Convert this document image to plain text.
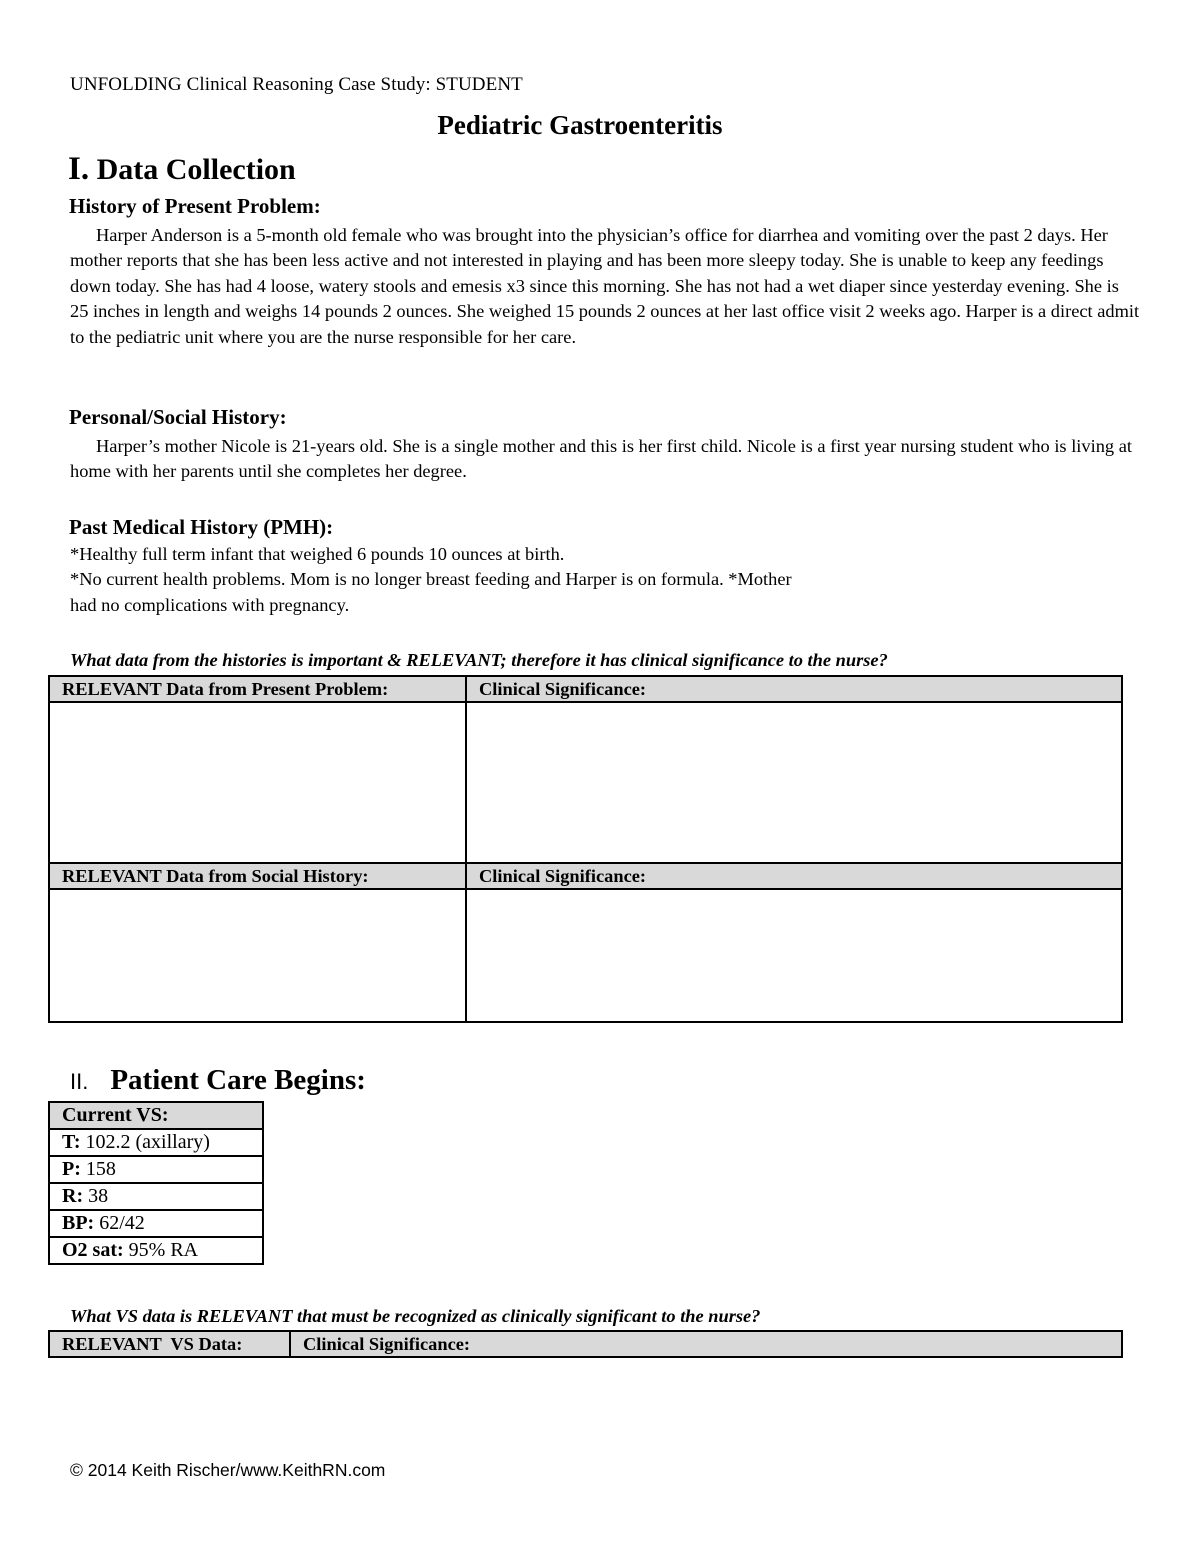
UNFOLDING Clinical Reasoning Case Study: STUDENT
Pediatric Gastroenteritis
I. Data Collection
History of Present Problem:

Harper Anderson is a 5-month old female who was brought into the physician’s office for diarrhea and vomiting over the past 2 days. Her mother reports that she has been less active and not interested in playing and has been more sleepy today. She is unable to keep any feedings down today. She has had 4 loose, watery stools and emesis x3 since this morning. She has not had a wet diaper since yesterday evening. She is 25 inches in length and weighs 14 pounds 2 ounces. She weighed 15 pounds 2 ounces at her last office visit 2 weeks ago. Harper is a direct admit to the pediatric unit where you are the nurse responsible for her care.

Personal/Social History:

Harper’s mother Nicole is 21-years old. She is a single mother and this is her first child. Nicole is a first year nursing student who is living at home with her parents until she completes her degree.

Past Medical History (PMH):

*Healthy full term infant that weighed 6 pounds 10 ounces at birth.

*No current health problems. Mom is no longer breast feeding and Harper is on formula. *Mother

had no complications with pregnancy.

What data from the histories is important & RELEVANT; therefore it has clinical significance to the nurse?
RELEVANT Data from Present Problem:	Clinical Significance:

RELEVANT Data from Social History:	Clinical Significance:

II. Patient Care Begins:
Current VS:
T: 102.2 (axillary)
P: 158
R: 38
BP: 62/42
O2 sat: 95% RA
What VS data is RELEVANT that must be recognized as clinically significant to the nurse?
RELEVANT  VS Data:	Clinical Significance:
© 2014 Keith Rischer/www.KeithRN.com
